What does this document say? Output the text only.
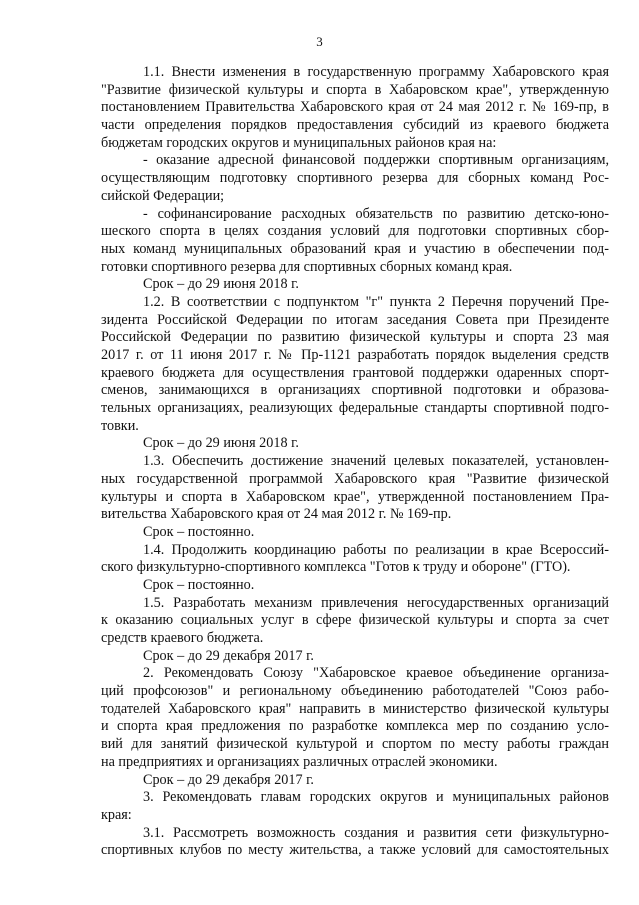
3
1.1. Внести изменения в государственную программу Хабаровского края
"Развитие физической культуры и спорта в Хабаровском крае", утвержденную
постановлением Правительства Хабаровского края от 24 мая 2012 г. № 169-пр, в
части определения порядков предоставления субсидий из краевого бюджета
бюджетам городских округов и муниципальных районов края на:
- оказание адресной финансовой поддержки спортивным организациям,
осуществляющим подготовку спортивного резерва для сборных команд Рос-
сийской Федерации;
- софинансирование расходных обязательств по развитию детско-юно-
шеского спорта в целях создания условий для подготовки спортивных сбор-
ных команд муниципальных образований края и участию в обеспечении под-
готовки спортивного резерва для спортивных сборных команд края.
Срок – до 29 июня 2018 г.
1.2. В соответствии с подпунктом "г" пункта 2 Перечня поручений Пре-
зидента Российской Федерации по итогам заседания Совета при Президенте
Российской Федерации по развитию физической культуры и спорта 23 мая
2017 г. от 11 июня 2017 г. № Пр-1121 разработать порядок выделения средств
краевого бюджета для осуществления грантовой поддержки одаренных спорт-
сменов, занимающихся в организациях спортивной подготовки и образова-
тельных организациях, реализующих федеральные стандарты спортивной подго-
товки.
Срок – до 29 июня 2018 г.
1.3. Обеспечить достижение значений целевых показателей, установлен-
ных государственной программой Хабаровского края "Развитие физической
культуры и спорта в Хабаровском крае", утвержденной постановлением Пра-
вительства Хабаровского края от 24 мая 2012 г. № 169-пр.
Срок – постоянно.
1.4. Продолжить координацию работы по реализации в крае Всероссий-
ского физкультурно-спортивного комплекса "Готов к труду и обороне" (ГТО).
Срок – постоянно.
1.5. Разработать механизм привлечения негосударственных организаций
к оказанию социальных услуг в сфере физической культуры и спорта за счет
средств краевого бюджета.
Срок – до 29 декабря 2017 г.
2. Рекомендовать Союзу "Хабаровское краевое объединение организа-
ций профсоюзов" и региональному объединению работодателей "Союз рабо-
тодателей Хабаровского края" направить в министерство физической культуры
и спорта края предложения по разработке комплекса мер по созданию усло-
вий для занятий физической культурой и спортом по месту работы граждан
на предприятиях и организациях различных отраслей экономики.
Срок – до 29 декабря 2017 г.
3. Рекомендовать главам городских округов и муниципальных районов
края:
3.1. Рассмотреть возможность создания и развития сети физкультурно-
спортивных клубов по месту жительства, а также условий для самостоятельных
